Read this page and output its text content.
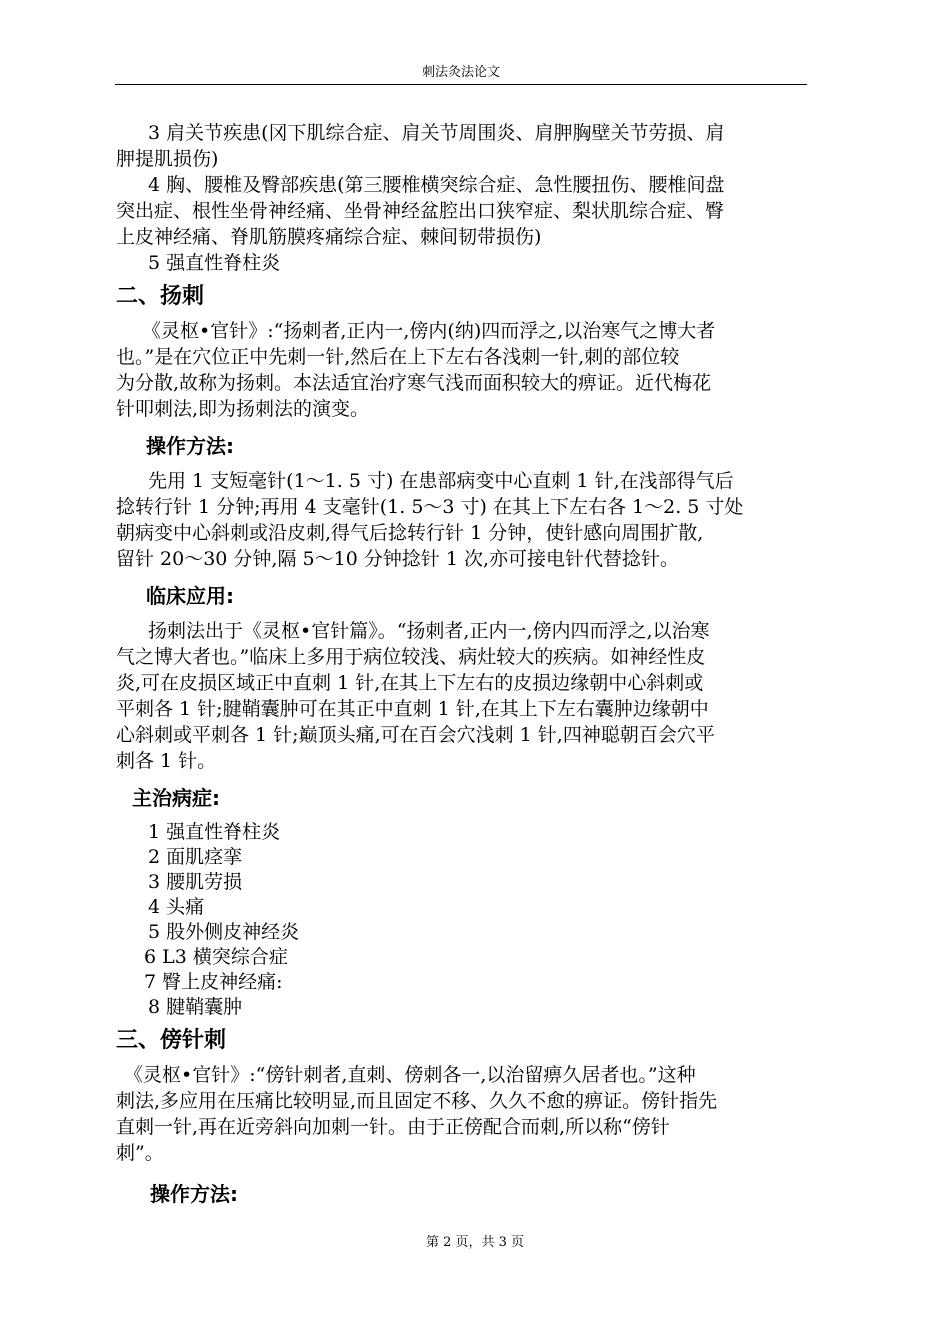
刺法灸法论文

3 肩关节疾患(冈下肌综合症、肩关节周围炎、肩胛胸壁关节劳损、肩

胛提肌损伤)

4 胸、腰椎及臀部疾患(第三腰椎横突综合症、急性腰扭伤、腰椎间盘

突出症、根性坐骨神经痛、坐骨神经盆腔出口狭窄症、梨状肌综合症、臀

上皮神经痛、脊肌筋膜疼痛综合症、棘间韧带损伤)

5 强直性脊柱炎

二、扬刺

《灵枢•官针》:“扬刺者,正内一,傍内(纳)四而浮之,以治寒气之博大者

也。”是在穴位正中先刺一针,然后在上下左右各浅刺一针,刺的部位较

为分散,故称为扬刺。本法适宜治疗寒气浅而面积较大的痹证。近代梅花

针叩刺法,即为扬刺法的演变。

操作方法:

先用 1 支短毫针(1～1. 5 寸) 在患部病变中心直刺 1 针,在浅部得气后

捻转行针 1 分钟;再用 4 支毫针(1. 5～3 寸) 在其上下左右各 1～2. 5 寸处

朝病变中心斜刺或沿皮刺,得气后捻转行针 1 分钟，使针感向周围扩散,

留针 20～30 分钟,隔 5～10 分钟捻针 1 次,亦可接电针代替捻针。

临床应用:

扬刺法出于《灵枢•官针篇》。“扬刺者,正内一,傍内四而浮之,以治寒

气之博大者也。”临床上多用于病位较浅、病灶较大的疾病。如神经性皮

炎,可在皮损区域正中直刺 1 针,在其上下左右的皮损边缘朝中心斜刺或

平刺各 1 针;腱鞘囊肿可在其正中直刺 1 针,在其上下左右囊肿边缘朝中

心斜刺或平刺各 1 针;巅顶头痛,可在百会穴浅刺 1 针,四神聪朝百会穴平

刺各 1 针。

主治病症:

1 强直性脊柱炎

2 面肌痉挛

3 腰肌劳损

4 头痛

5 股外侧皮神经炎

6 L3 横突综合症

7 臀上皮神经痛:

8 腱鞘囊肿

三、傍针刺

《灵枢•官针》:“傍针刺者,直刺、傍刺各一,以治留痹久居者也。”这种

刺法,多应用在压痛比较明显,而且固定不移、久久不愈的痹证。傍针指先

直刺一针,再在近旁斜向加刺一针。由于正傍配合而刺,所以称“傍针

刺”。

操作方法:
第 2 页，共 3 页
